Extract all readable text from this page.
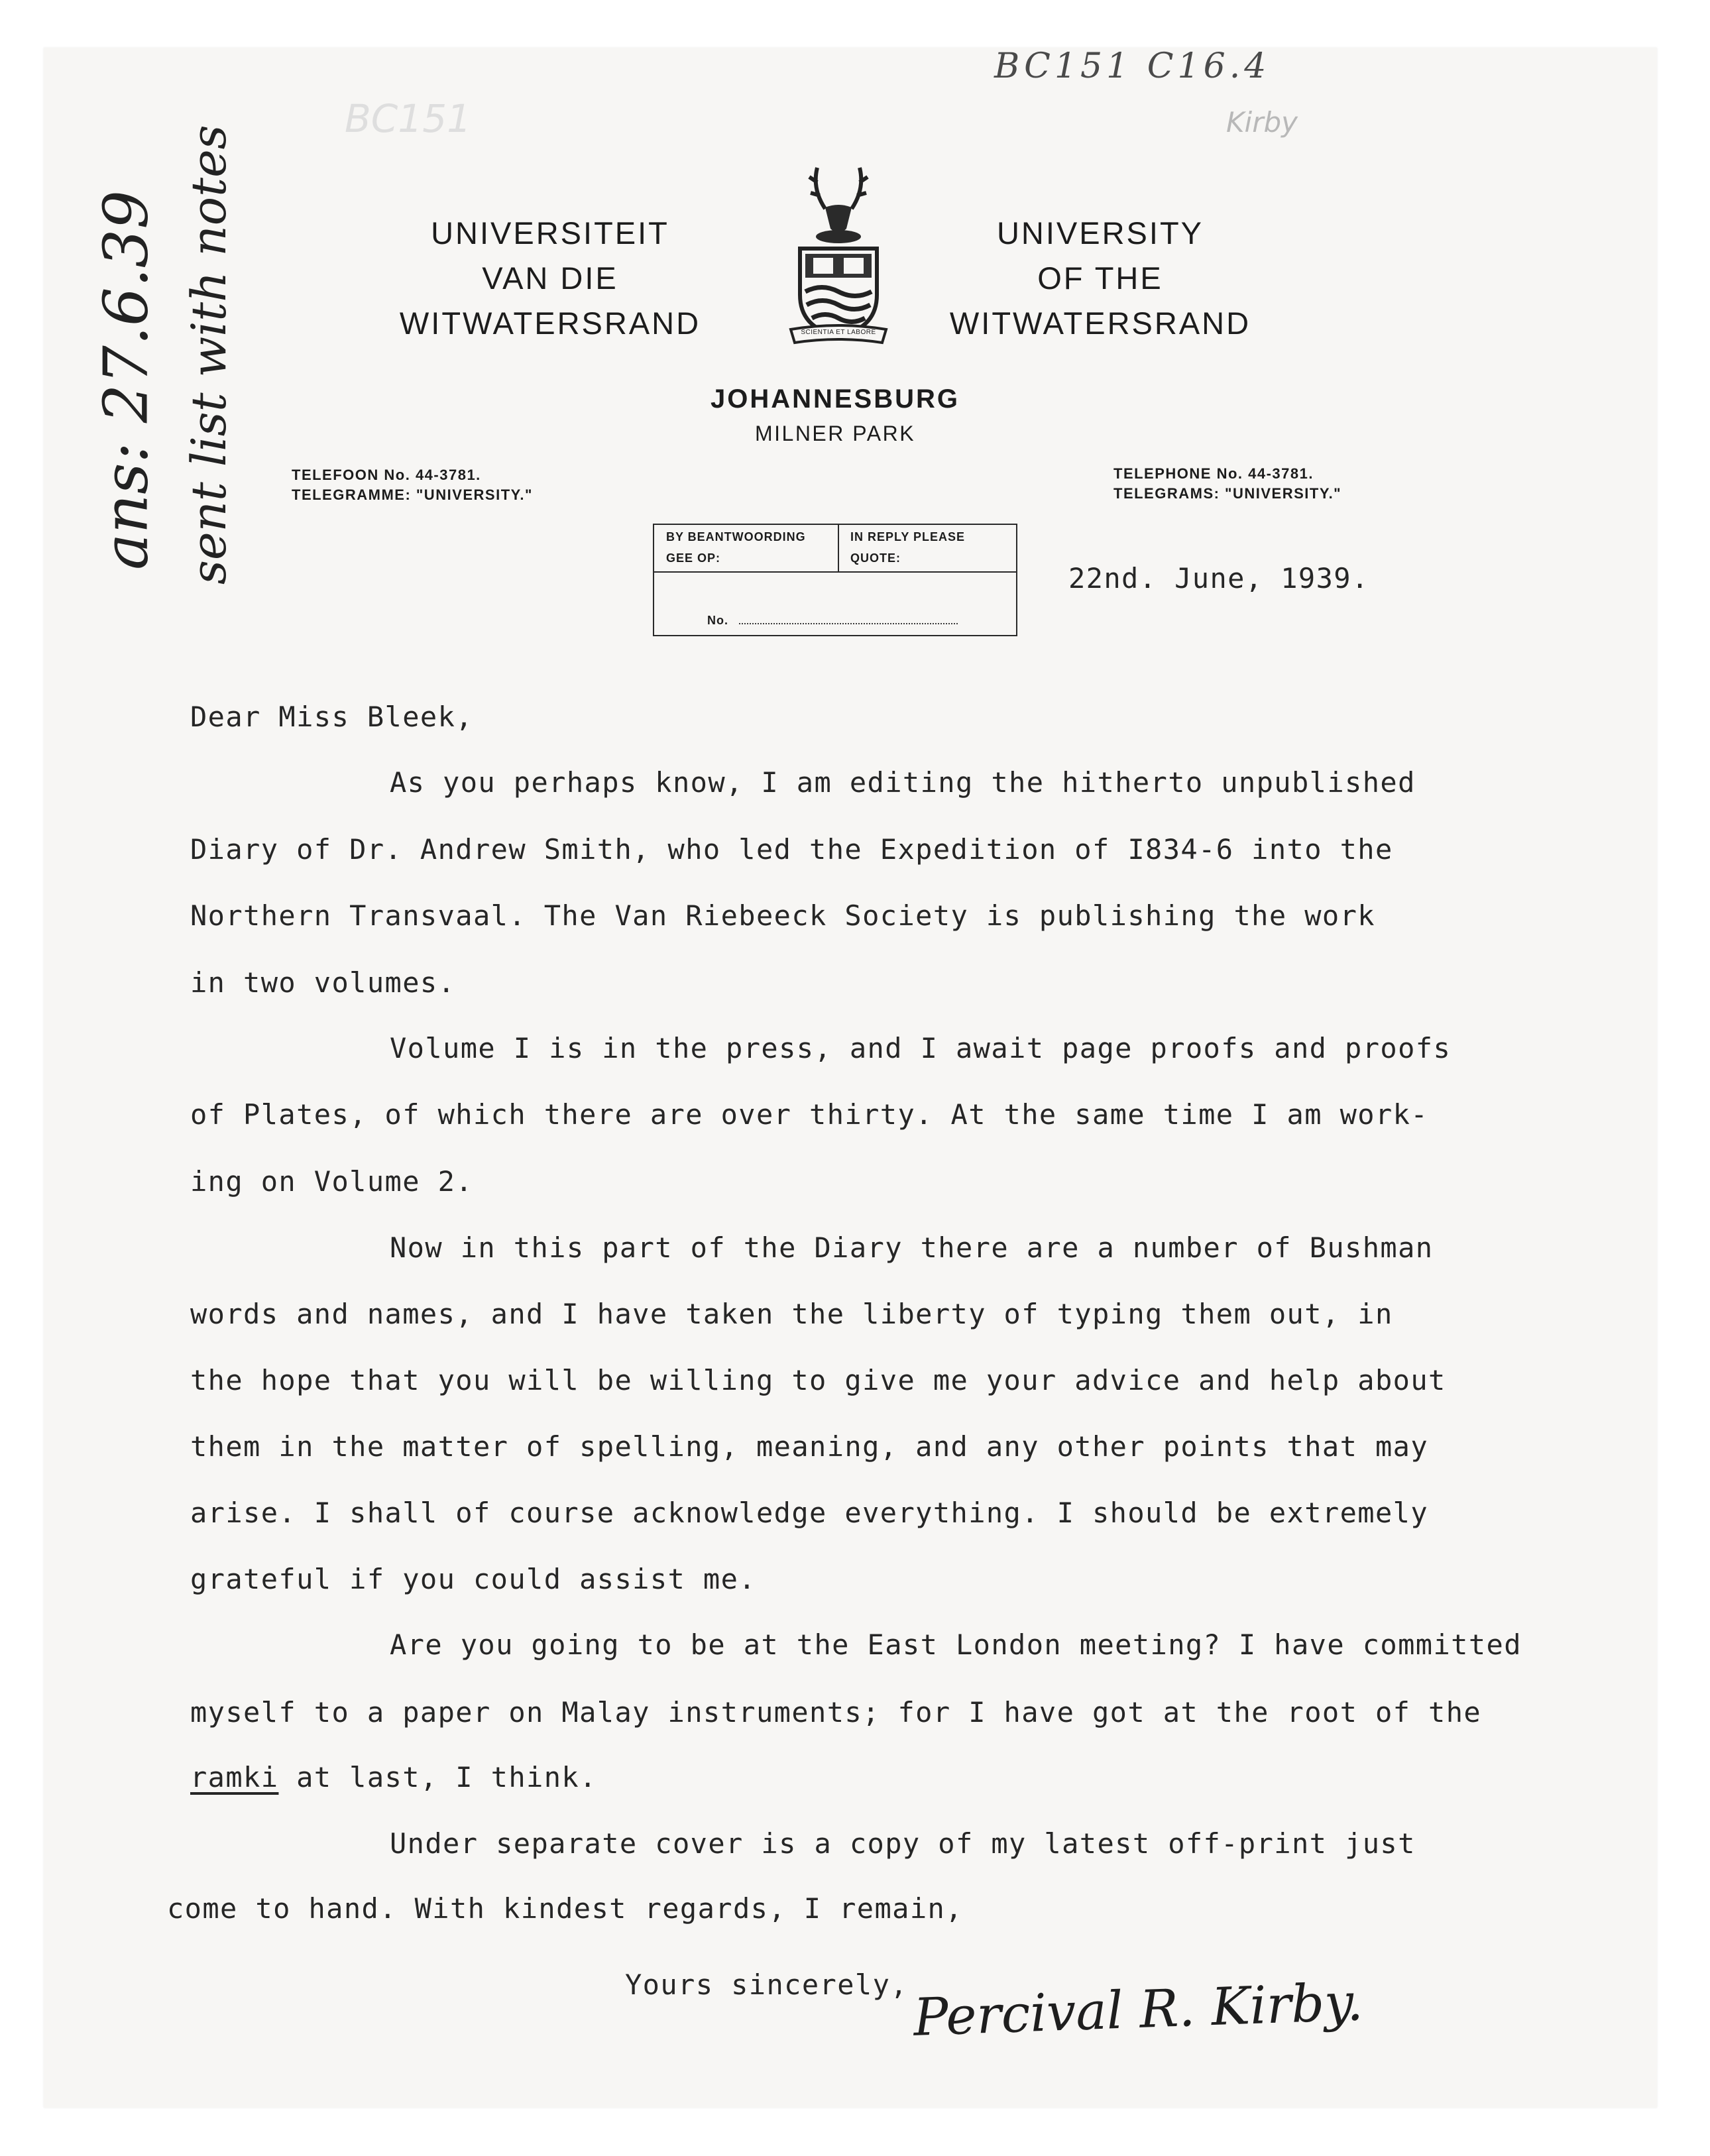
BC151 C16.4
Kirby
BC151
ans: 27.6.39 sent list with notes	UNIVERSITEIT
VAN DIE
WITWATERSRAND
UNIVERSITY
OF THE
WITWATERSRAND
SCIENTIA ET LABORE
JOHANNESBURG
MILNER PARK
TELEFOON No. 44-3781.
TELEGRAMME: "UNIVERSITY."
TELEPHONE No. 44-3781.
TELEGRAMS: "UNIVERSITY."
BY BEANTWOORDING
GEE OP:
IN REPLY PLEASE
QUOTE:
No.
22nd. June, 1939.
Dear Miss Bleek,
As you perhaps know, I am editing the hitherto unpublished
Diary of Dr. Andrew Smith, who led the Expedition of I834-6 into the
Northern Transvaal. The Van Riebeeck Society is publishing the work
in two volumes.
Volume I is in the press, and I await page proofs and proofs
of Plates, of which there are over thirty. At the same time I am work-
ing on Volume 2.
Now in this part of the Diary there are a number of Bushman
words and names, and I have taken the liberty of typing them out, in
the hope that you will be willing to give me your advice and help about
them in the matter of spelling, meaning, and any other points that may
arise. I shall of course acknowledge everything. I should be extremely
grateful if you could assist me.
Are you going to be at the East London meeting? I have committed
myself to a paper on Malay instruments; for I have got at the root of the
ramki at last, I think.
Under separate cover is a copy of my latest off-print just
come to hand. With kindest regards, I remain,
Yours sincerely, Percival R. Kirby.
